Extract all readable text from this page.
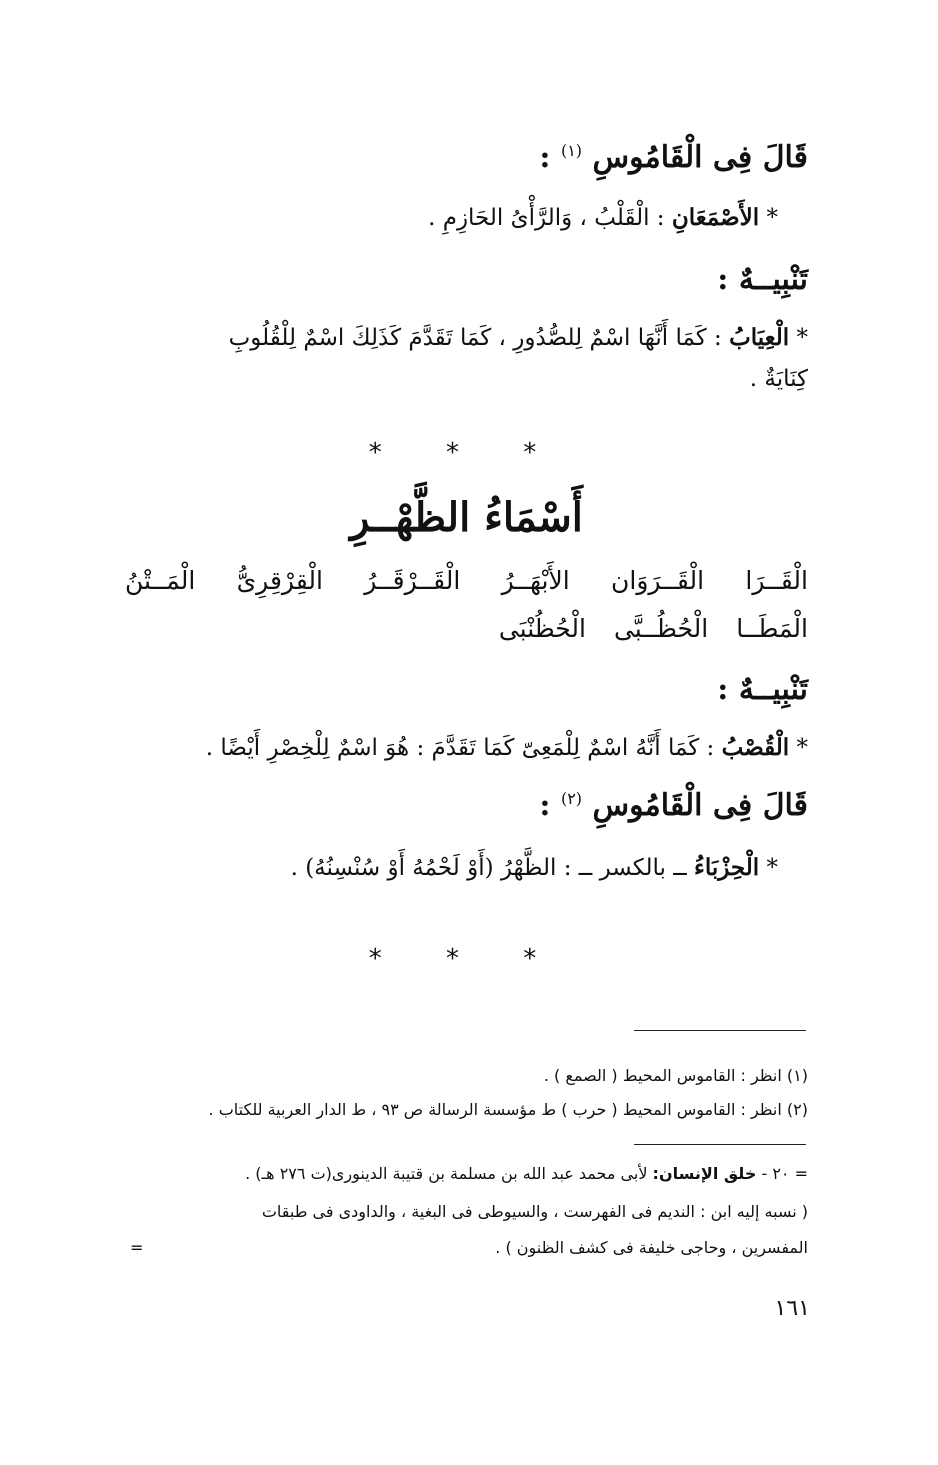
قَالَ فِى الْقَامُوسِ $^{(١)}$ :
* الأَصْمَعَانِ : الْقَلْبُ ، وَالرَّأْىُ الحَازِمِ .
تَنْبِيــهٌ :
* الْعِيَابُ : كَمَا أَنَّهَا اسْمٌ لِلصُّدُورِ ، كَمَا تَقَدَّمَ كَذَلِكَ اسْمٌ لِلْقُلُوبِ
كِنَايَةٌ .
* * *
أَسْمَاءُ الظَّهْــرِ
الْقَــرَا
الْقَــرَوَان
الأَبْهَــرُ
الْقَــرْقَــرُ
الْقِرْقِرِىُّ
الْمَــتْنُ
الْمَطَــا
الْحُظُــبَّى
الْحُظُنْبَى
تَنْبِيــهٌ :
* الْقُصْبُ : كَمَا أَنَّهُ اسْمٌ لِلْمَعِىّ كَمَا تَقَدَّمَ : هُوَ اسْمٌ لِلْخِصْرِ أَيْضًا .
قَالَ فِى الْقَامُوسِ $^{(٢)}$ :
* الْحِزْبَاءُ ــ بالكسر ــ : الظَّهْرُ (أَوْ لَحْمُهُ أَوْ سُنْسِنُهُ) .
* * *
(١) انظر : القاموس المحيط ( الصمع ) .
(٢) انظر : القاموس المحيط ( حرب ) ط مؤسسة الرسالة ص ٩٣ ، ط الدار العربية للكتاب .
= ٢٠ - خلق الإنسان: لأبى محمد عبد الله بن مسلمة بن قتيبة الدينورى(ت ٢٧٦ هـ) .
( نسبه إليه ابن : النديم فى الفهرست ، والسيوطى فى البغية ، والداودى فى طبقات
المفسرين ، وحاجى خليفة فى كشف الظنون ) .
=
١٦١
